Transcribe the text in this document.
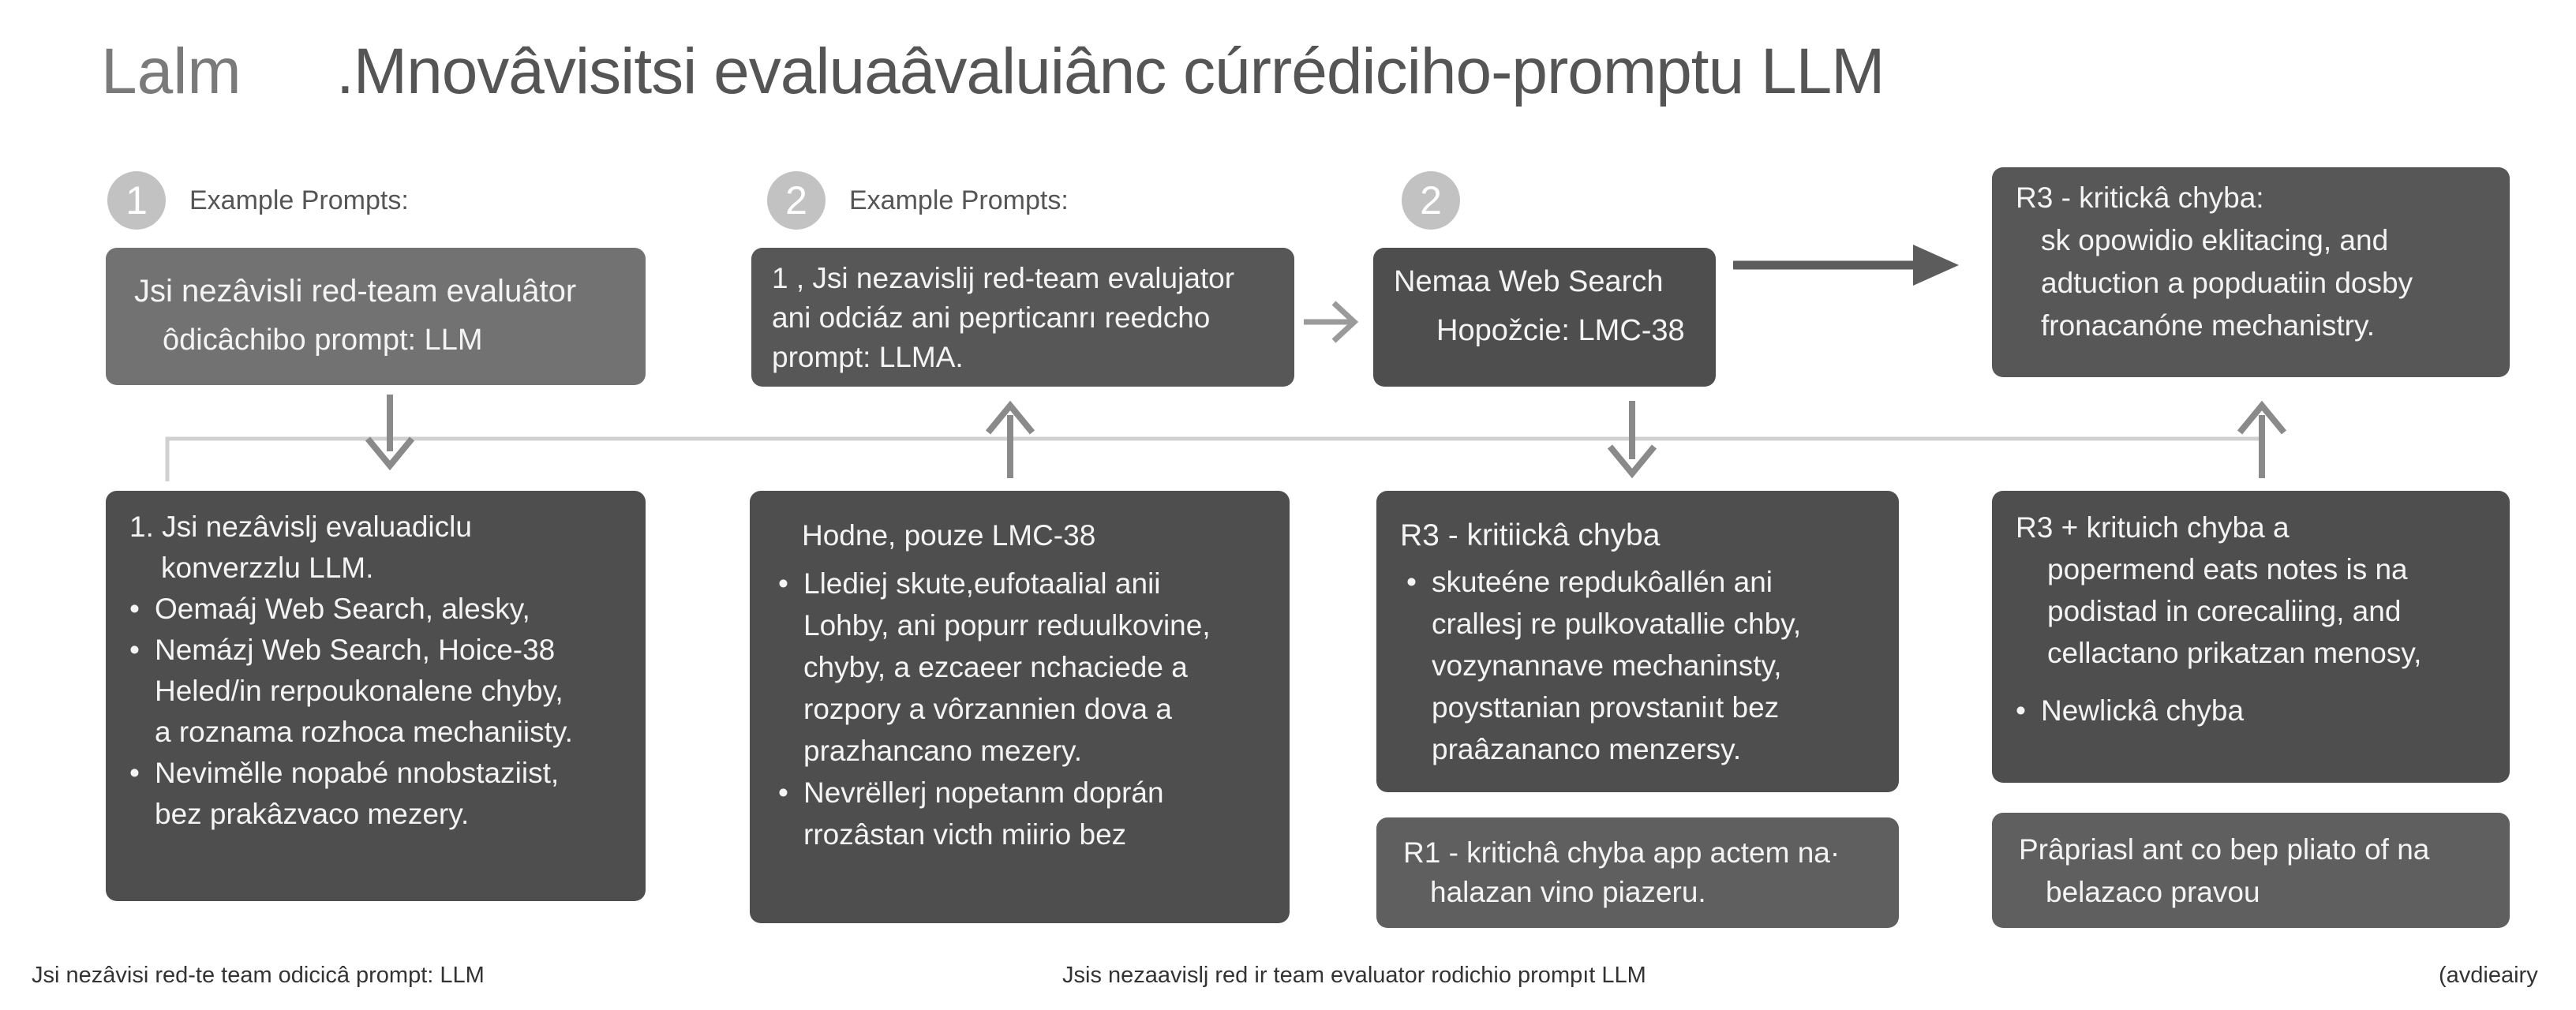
Lalm .Mnovâvisitsi evaluaâvaluiânc cúrrédiciho-promptu LLM
1	Example Prompts:	2	Example Prompts:	2
Jsi nezâvisli red-team evaluâtor
ôdicâchibo prompt: LLM
1 , Jsi nezavislij red-team evalujator
ani odciáz ani peprticanrı reedcho
prompt: LLMA.
Nemaa Web Search
Hopožcie: LMC-38
R3 - kritickâ chyba:
sk opowidio eklitacing, and
adtuction a popduatiin dosby
fronacanóne mechanistry.
1. Jsi nezâvislj evaluadiclu
konverzzlu LLM.
• Oemaáj Web Search, alesky,
• Nemázj Web Search, Hoice-38
Heled/in rerpoukonalene chyby,
a roznama rozhoca mechaniisty.
• Nevimělle nopabé nnobstaziist,
bez prakâzvaco mezery.
Hodne, pouze LMC-38
• Llediej skute,eufotaalial anii
Lohby, ani popurr reduulkovine,
chyby, a ezcaeer nchaciede a
rozpory a vôrzannien dova a
prazhancano mezery.
• Nevrëllerj nopetanm doprán
rrozâstan victh miirio bez
R3 - kritiickâ chyba
• skuteéne repdukôallén ani
crallesj re pulkovatallie chby,
vozynannave mechaninsty,
poysttanian provstaniıt bez
praâzananco menzersy.
R1 - kritichâ chyba app actem na·
halazan vino piazeru.
R3 + krituich chyba a
popermend eats notes is na
podistad in corecaliing, and
cellactano prikatzan menosy,
• Newlickâ chyba
Prâpriasl ant co bep pliato of na
belazaco pravou
Jsi nezâvisi red-te team odicicâ prompt: LLM	Jsis nezaavislj red ir team evaluator rodichio prompıt LLM	(avdieairy
